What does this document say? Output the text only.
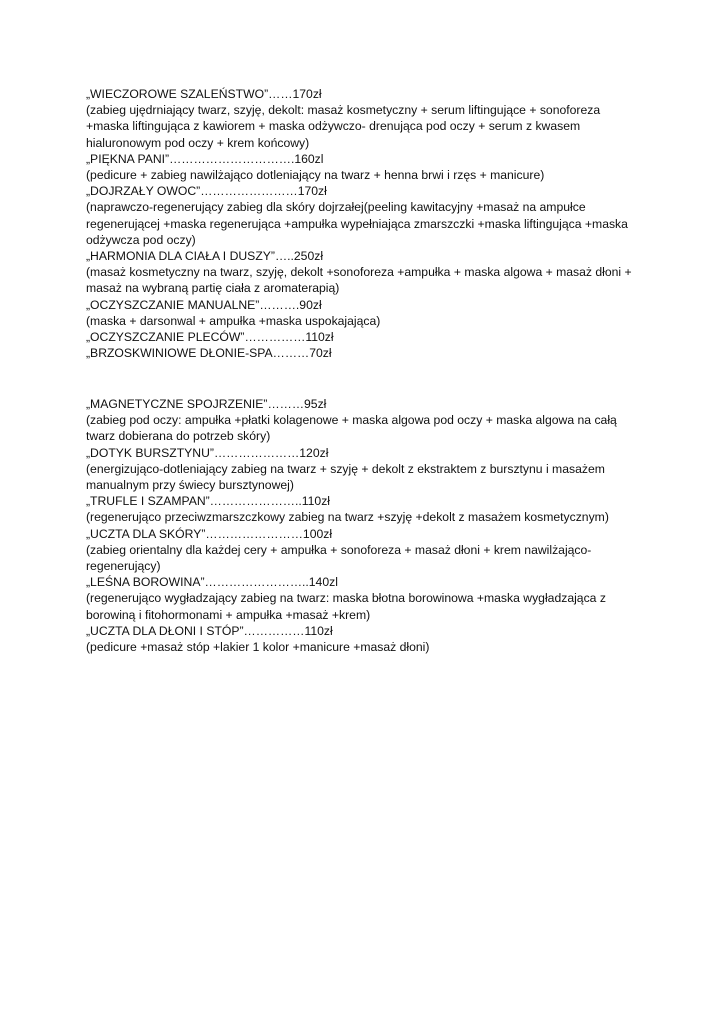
„WIECZOROWE SZALEŃSTWO”……170zł

(zabieg ujędrniający twarz, szyję, dekolt: masaż kosmetyczny + serum liftingujące + sonoforeza +maska liftingująca z kawiorem + maska odżywczo- drenująca pod oczy + serum z kwasem hialuronowym pod oczy + krem końcowy)

„PIĘKNA PANI”………………………….160zl

(pedicure + zabieg nawilżająco dotleniający na twarz + henna brwi i rzęs + manicure)

„DOJRZAŁY OWOC”……………………170zł

(naprawczo-regenerujący zabieg dla skóry dojrzałej(peeling kawitacyjny +masaż na ampułce regenerującej +maska regenerująca +ampułka wypełniająca zmarszczki +maska liftingująca +maska odżywcza pod oczy)

„HARMONIA DLA CIAŁA I DUSZY”…..250zł

(masaż kosmetyczny na twarz, szyję, dekolt +sonoforeza +ampułka + maska algowa + masaż dłoni + masaż na wybraną partię ciała z aromaterapią)

„OCZYSZCZANIE MANUALNE”……….90zł

(maska + darsonwal + ampułka +maska uspokajająca)

„OCZYSZCZANIE PLECÓW”……………110zł

„BRZOSKWINIOWE DŁONIE-SPA………70zł

„MAGNETYCZNE SPOJRZENIE”………95zł

(zabieg pod oczy: ampułka +płatki kolagenowe + maska algowa pod oczy + maska algowa na całą twarz dobierana do potrzeb skóry)

„DOTYK BURSZTYNU”…………………120zł

(energizująco-dotleniający zabieg na twarz + szyję + dekolt z ekstraktem z bursztynu i masażem manualnym przy świecy bursztynowej)

„TRUFLE I SZAMPAN”…………………..110zł

(regenerująco przeciwzmarszczkowy zabieg na twarz +szyję +dekolt z masażem kosmetycznym)

„UCZTA DLA SKÓRY”……………………100zł

(zabieg orientalny dla każdej cery + ampułka + sonoforeza + masaż dłoni + krem nawilżająco-regenerujący)

„LEŚNA BOROWINA”……………………..140zl

(regenerująco wygładzający zabieg na twarz: maska błotna borowinowa +maska wygładzająca z borowiną i fitohormonami + ampułka +masaż +krem)

„UCZTA DLA DŁONI I STÓP”……………110zł

(pedicure +masaż stóp +lakier 1 kolor +manicure +masaż dłoni)
